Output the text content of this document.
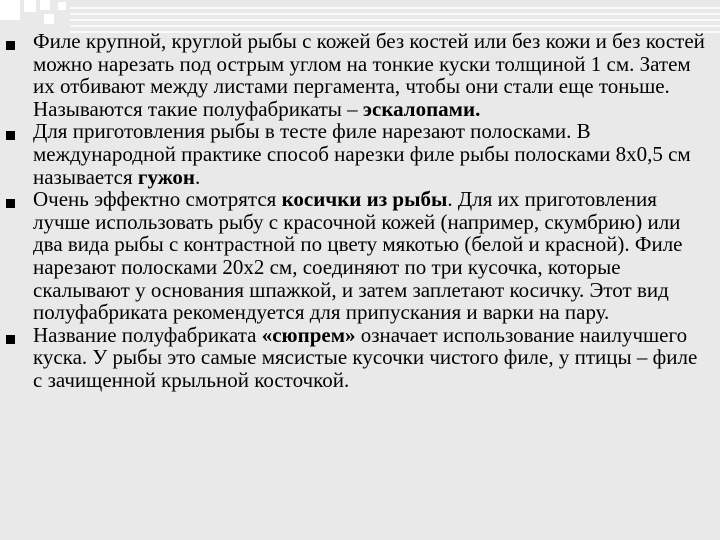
Филе крупной, круглой рыбы с кожей без костей или без кожи и без костей можно нарезать под острым углом на тонкие куски толщиной 1 см. Затем их отбивают между листами пергамента, чтобы они стали еще тоньше. Называются такие полуфабрикаты – эскалопами.
Для приготовления рыбы в тесте филе нарезают полосками. В международной практике способ нарезки филе рыбы полосками 8х0,5 см называется гужон.
Очень эффектно смотрятся косички из рыбы. Для их приготовления лучше использовать рыбу с красочной кожей (например, скумбрию) или два вида рыбы с контрастной по цвету мякотью (белой и красной). Филе нарезают полосками 20х2 см, соединяют по три кусочка, которые скалывают у основания шпажкой, и затем заплетают косичку. Этот вид полуфабриката рекомендуется для припускания и варки на пару.
Название полуфабриката «сюпрем» означает использование наилучшего куска. У рыбы это самые мясистые кусочки чистого филе, у птицы – филе с зачищенной крыльной косточкой.
